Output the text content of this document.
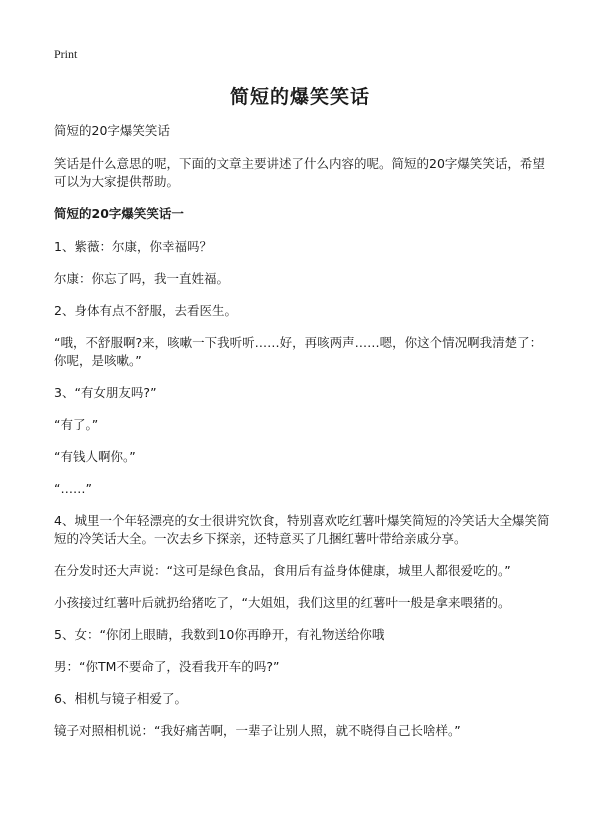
Print
简短的爆笑笑话

简短的20字爆笑笑话

笑话是什么意思的呢，下面的文章主要讲述了什么内容的呢。简短的20字爆笑笑话，希望可以为大家提供帮助。

简短的20字爆笑笑话一

1、紫薇：尔康，你幸福吗？

尔康：你忘了吗，我一直姓福。

2、身体有点不舒服，去看医生。

“哦，不舒服啊?来，咳嗽一下我听听……好，再咳两声……嗯，你这个情况啊我清楚了：你呢，是咳嗽。”

3、“有女朋友吗?”

“有了。”

“有钱人啊你。”

“……”

4、城里一个年轻漂亮的女士很讲究饮食，特别喜欢吃红薯叶爆笑简短的冷笑话大全爆笑简短的冷笑话大全。一次去乡下探亲，还特意买了几捆红薯叶带给亲戚分享。

在分发时还大声说：“这可是绿色食品，食用后有益身体健康，城里人都很爱吃的。”

小孩接过红薯叶后就扔给猪吃了，“大姐姐，我们这里的红薯叶一般是拿来喂猪的。

5、女：“你闭上眼睛，我数到10你再睁开，有礼物送给你哦

男：“你TM不要命了，没看我开车的吗?”

6、相机与镜子相爱了。

镜子对照相机说：“我好痛苦啊，一辈子让别人照，就不晓得自己长啥样。”
